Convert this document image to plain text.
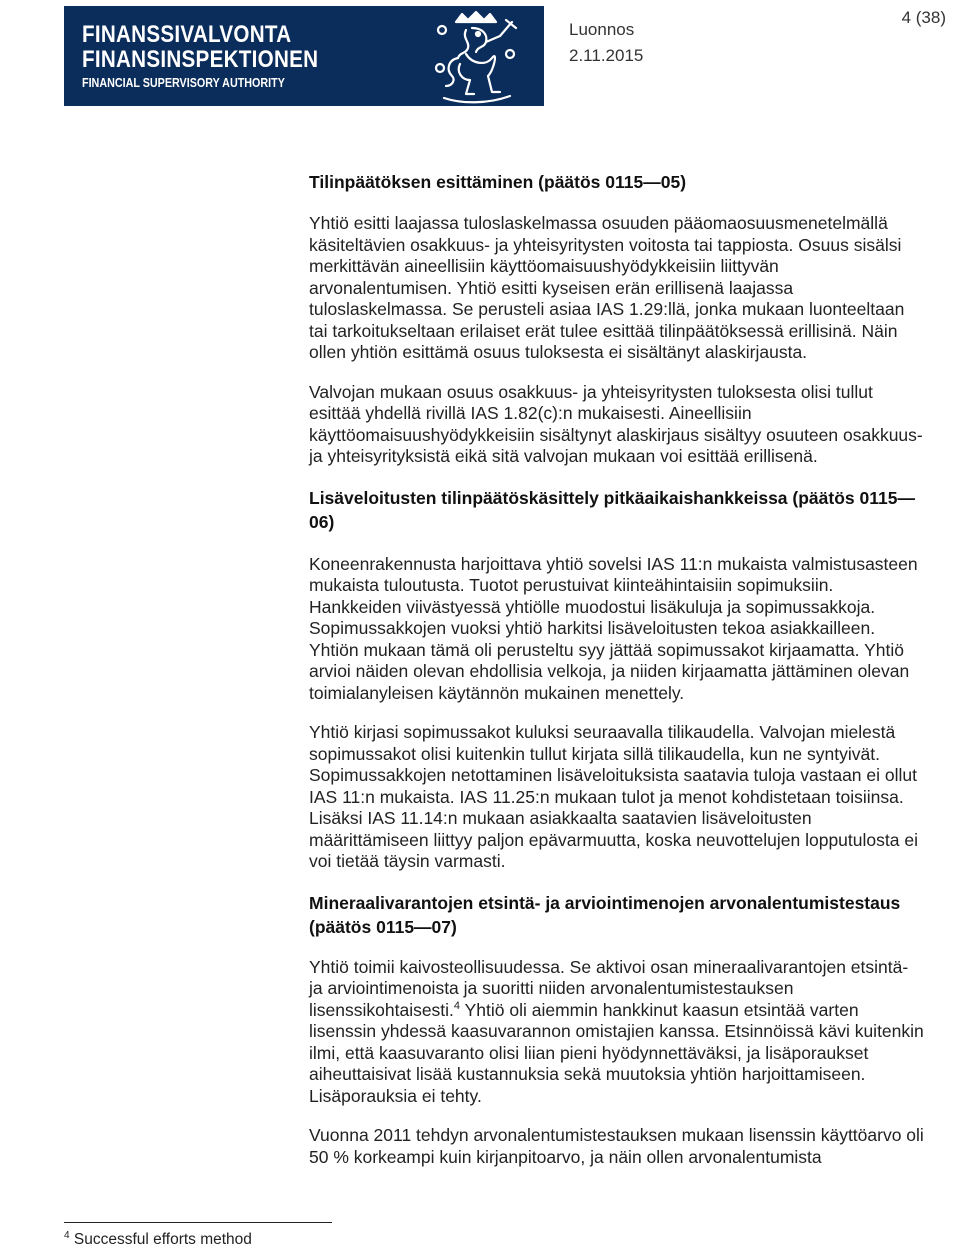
FINANSSIVALVONTA
FINANSINSPEKTIONEN
FINANCIAL SUPERVISORY AUTHORITY
Luonnos
2.11.2015
4 (38)
Tilinpäätöksen esittäminen (päätös 0115—05)

Yhtiö esitti laajassa tuloslaskelmassa osuuden pääomaosuusmenetelmällä käsiteltävien osakkuus- ja yhteisyritysten voitosta tai tappiosta. Osuus sisälsi merkittävän aineellisiin käyttöomaisuushyödykkeisiin liittyvän arvonalentumisen. Yhtiö esitti kyseisen erän erillisenä laajassa tuloslaskelmassa. Se perusteli asiaa IAS 1.29:llä, jonka mukaan luonteeltaan tai tarkoitukseltaan erilaiset erät tulee esittää tilinpäätöksessä erillisinä. Näin ollen yhtiön esittämä osuus tuloksesta ei sisältänyt alaskirjausta.

Valvojan mukaan osuus osakkuus- ja yhteisyritysten tuloksesta olisi tullut esittää yhdellä rivillä IAS 1.82(c):n mukaisesti. Aineellisiin käyttöomaisuushyödykkeisiin sisältynyt alaskirjaus sisältyy osuuteen osakkuus- ja yhteisyrityksistä eikä sitä valvojan mukaan voi esittää erillisenä.

Lisäveloitusten tilinpäätöskäsittely pitkäaikaishankkeissa (päätös 0115—06)

Koneenrakennusta harjoittava yhtiö sovelsi IAS 11:n mukaista valmistusasteen mukaista tuloutusta. Tuotot perustuivat kiinteähintaisiin sopimuksiin. Hankkeiden viivästyessä yhtiölle muodostui lisäkuluja ja sopimussakkoja. Sopimussakkojen vuoksi yhtiö harkitsi lisäveloitusten tekoa asiakkailleen. Yhtiön mukaan tämä oli perusteltu syy jättää sopimussakot kirjaamatta. Yhtiö arvioi näiden olevan ehdollisia velkoja, ja niiden kirjaamatta jättäminen olevan toimialanyleisen käytännön mukainen menettely.

Yhtiö kirjasi sopimussakot kuluksi seuraavalla tilikaudella. Valvojan mielestä sopimussakot olisi kuitenkin tullut kirjata sillä tilikaudella, kun ne syntyivät. Sopimussakkojen netottaminen lisäveloituksista saatavia tuloja vastaan ei ollut IAS 11:n mukaista. IAS 11.25:n mukaan tulot ja menot kohdistetaan toisiinsa. Lisäksi IAS 11.14:n mukaan asiakkaalta saatavien lisäveloitusten määrittämiseen liittyy paljon epävarmuutta, koska neuvottelujen lopputulosta ei voi tietää täysin varmasti.

Mineraalivarantojen etsintä- ja arviointimenojen arvonalentumistestaus (päätös 0115—07)

Yhtiö toimii kaivosteollisuudessa. Se aktivoi osan mineraalivarantojen etsintä- ja arviointimenoista ja suoritti niiden arvonalentumistestauksen lisenssikohtaisesti.$^4$ Yhtiö oli aiemmin hankkinut kaasun etsintää varten lisenssin yhdessä kaasuvarannon omistajien kanssa. Etsinnöissä kävi kuitenkin ilmi, että kaasuvaranto olisi liian pieni hyödynnettäväksi, ja lisäporaukset aiheuttaisivat lisää kustannuksia sekä muutoksia yhtiön harjoittamiseen. Lisäporauksia ei tehty.

Vuonna 2011 tehdyn arvonalentumistestauksen mukaan lisenssin käyttöarvo oli 50 % korkeampi kuin kirjanpitoarvo, ja näin ollen arvonalentumista

$^4$ Successful efforts method
